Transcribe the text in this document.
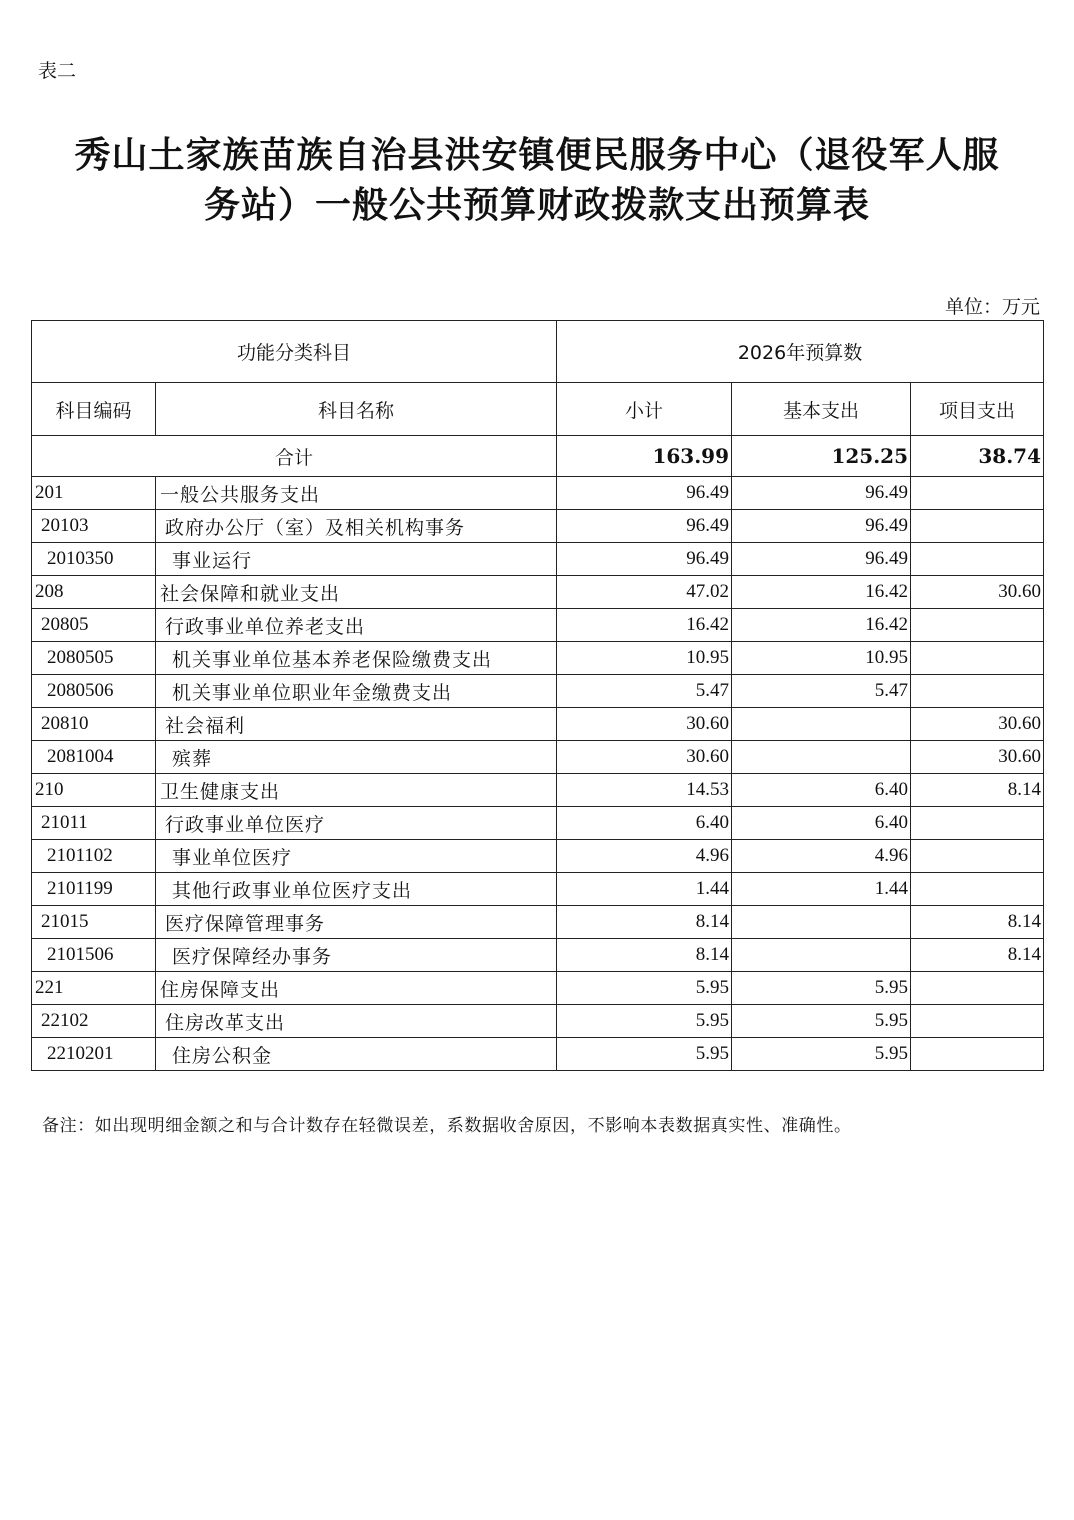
表二
秀山土家族苗族自治县洪安镇便民服务中心（退役军人服
务站）一般公共预算财政拨款支出预算表
单位：万元
功能分类科目		2026年预算数		
科目编码	科目名称	小计	基本支出	项目支出
合计		163.99	125.25	38.74
201	一般公共服务支出	96.49	96.49	
20103	政府办公厅（室）及相关机构事务	96.49	96.49	
2010350	事业运行	96.49	96.49	
208	社会保障和就业支出	47.02	16.42	30.60
20805	行政事业单位养老支出	16.42	16.42	
2080505	机关事业单位基本养老保险缴费支出	10.95	10.95	
2080506	机关事业单位职业年金缴费支出	5.47	5.47	
20810	社会福利	30.60		30.60
2081004	殡葬	30.60		30.60
210	卫生健康支出	14.53	6.40	8.14
21011	行政事业单位医疗	6.40	6.40	
2101102	事业单位医疗	4.96	4.96	
2101199	其他行政事业单位医疗支出	1.44	1.44	
21015	医疗保障管理事务	8.14		8.14
2101506	医疗保障经办事务	8.14		8.14
221	住房保障支出	5.95	5.95	
22102	住房改革支出	5.95	5.95	
2210201	住房公积金	5.95	5.95	
备注：如出现明细金额之和与合计数存在轻微误差，系数据收舍原因，不影响本表数据真实性、准确性。
